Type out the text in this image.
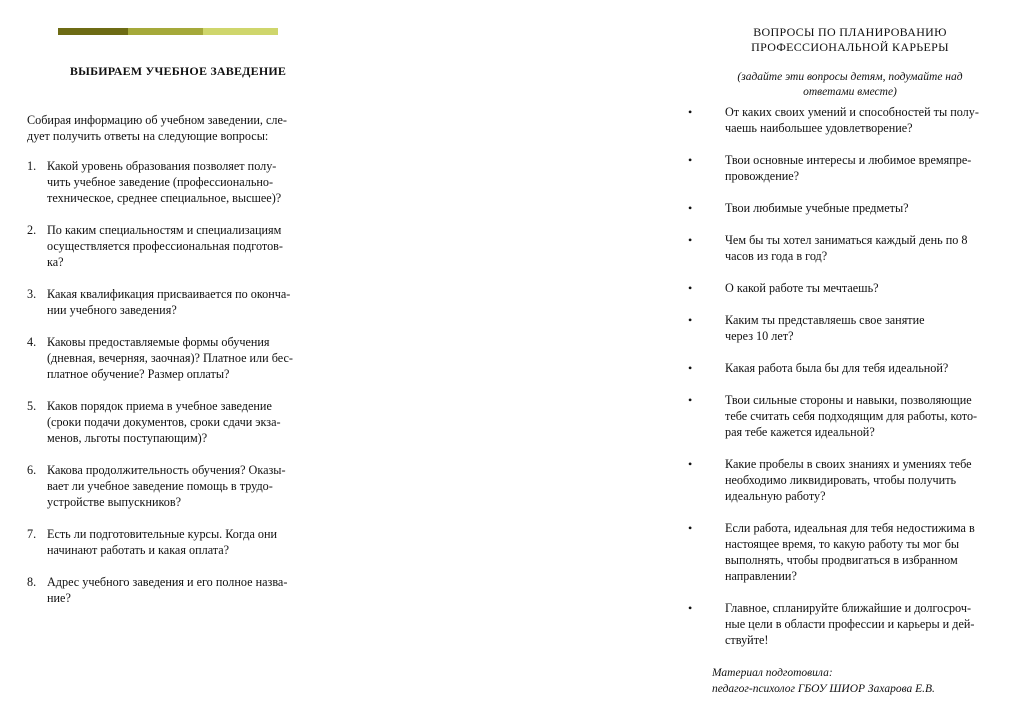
ВЫБИРАЕМ УЧЕБНОЕ ЗАВЕДЕНИЕ
Собирая информацию об учебном заведении, сле-
дует получить ответы на следующие вопросы:
1. Какой уровень образования позволяет полу-
чить учебное заведение (профессионально-
техническое, среднее специальное, высшее)?
2. По каким специальностям и специализациям
осуществляется профессиональная подготов-
ка?
3. Какая квалификация присваивается по оконча-
нии учебного заведения?
4. Каковы предоставляемые формы обучения
(дневная, вечерняя, заочная)? Платное или бес-
платное обучение? Размер оплаты?
5. Каков порядок приема в учебное заведение
(сроки подачи документов, сроки сдачи экза-
менов, льготы поступающим)?
6. Какова продолжительность обучения? Оказы-
вает ли учебное заведение помощь в трудо-
устройстве выпускников?
7. Есть ли подготовительные курсы. Когда они
начинают работать и какая оплата?
8. Адрес учебного заведения и его полное назва-
ние?
ВОПРОСЫ ПО ПЛАНИРОВАНИЮ
ПРОФЕССИОНАЛЬНОЙ КАРЬЕРЫ
(задайте эти вопросы детям, подумайте над
ответами вместе)
•	От каких своих умений и способностей ты полу-
чаешь наибольшее удовлетворение?
•	Твои основные интересы и любимое времяпре-
провождение?
•	Твои любимые учебные предметы?
•	Чем бы ты хотел заниматься каждый день по 8
часов из года в год?
•	О какой работе ты мечтаешь?
•	Каким ты представляешь свое занятие
через 10 лет?
•	Какая работа была бы для тебя идеальной?
•	Твои сильные стороны и навыки, позволяющие
тебе считать себя подходящим для работы, кото-
рая тебе кажется идеальной?
•	Какие пробелы в своих знаниях и умениях тебе
необходимо ликвидировать, чтобы получить
идеальную работу?
•	Если работа, идеальная для тебя недостижима в
настоящее время, то какую работу ты мог бы
выполнять, чтобы продвигаться в избранном
направлении?
•	Главное, спланируйте ближайшие и долгосроч-
ные цели в области профессии и карьеры и дей-
ствуйте!
Материал подготовила:
педагог-психолог ГБОУ ШИОР Захарова Е.В.
